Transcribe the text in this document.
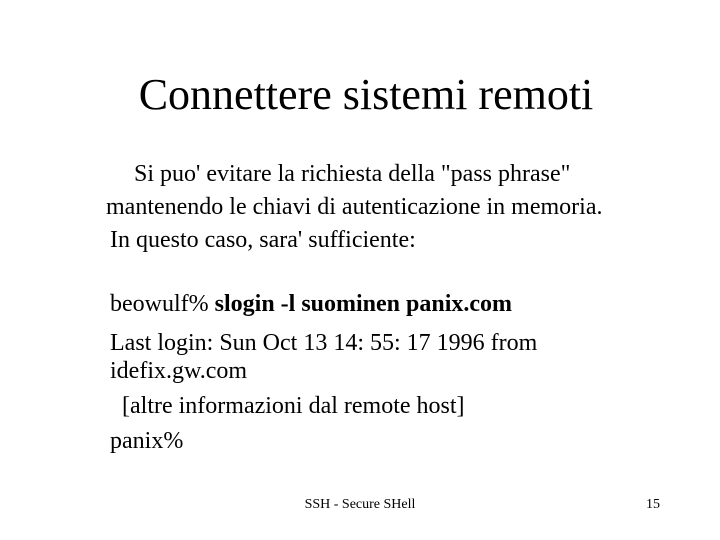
Connettere sistemi remoti
Si puo' evitare la richiesta della "pass phrase"
mantenendo le chiavi di autenticazione in memoria.
In questo caso, sara' sufficiente:
beowulf% slogin -l suominen panix.com
Last login: Sun Oct 13 14: 55: 17 1996 from
idefix.gw.com
[altre informazioni dal remote host]
panix%
SSH - Secure SHell	15
